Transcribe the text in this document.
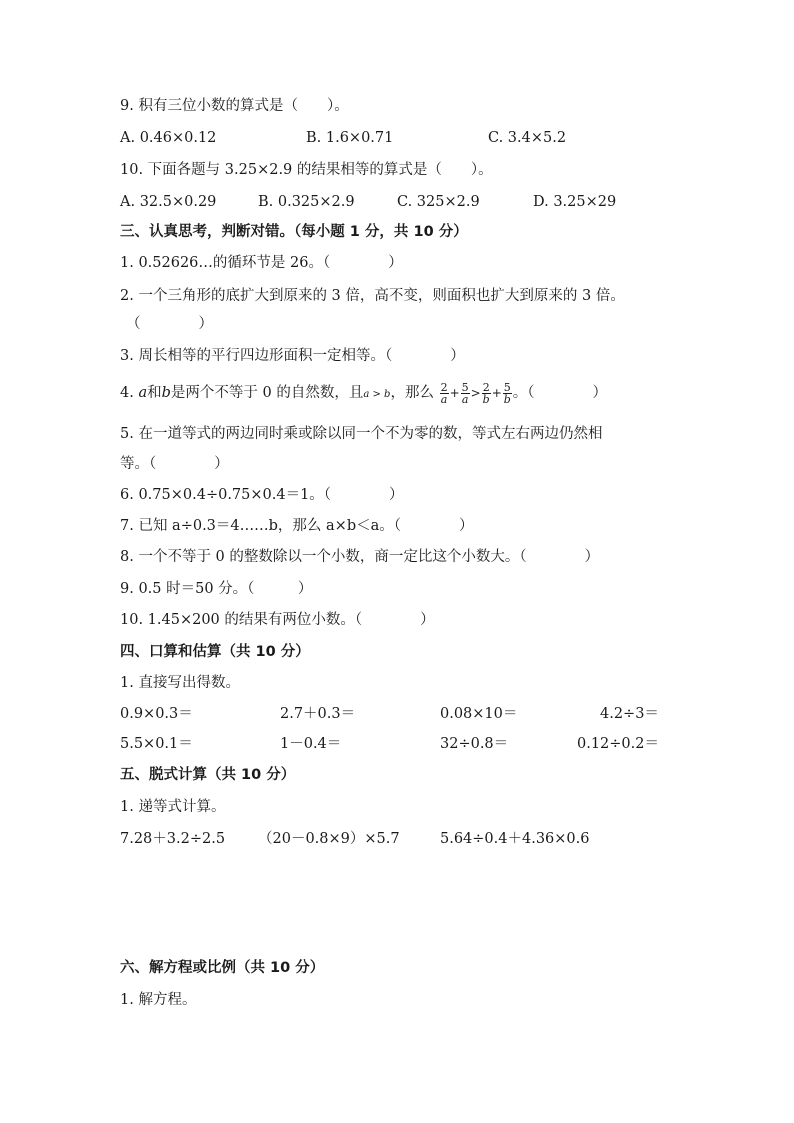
9. 积有三位小数的算式是（　　）。
A. 0.46×0.12	B. 1.6×0.71	C. 3.4×5.2
10. 下面各题与 3.25×2.9 的结果相等的算式是（　　）。
A. 32.5×0.29	B. 0.325×2.9	C. 325×2.9	D. 3.25×29
三、认真思考，判断对错。（每小题 1 分，共 10 分）
1. 0.52626…的循环节是 26。（　　　　）
2. 一个三角形的底扩大到原来的 3 倍，高不变，则面积也扩大到原来的 3 倍。
（　　　　）
3. 周长相等的平行四边形面积一定相等。（　　　　）
4. a和b是两个不等于 0 的自然数，且a > b，那么 $\frac{2}{a} + \frac{5}{a} > \frac{2}{b} + \frac{5}{b}$ 。（　　　　）
5. 在一道等式的两边同时乘或除以同一个不为零的数，等式左右两边仍然相
等。（　　　　）
6. 0.75×0.4÷0.75×0.4＝1。（　　　　）
7. 已知 a÷0.3＝4……b，那么 a×b＜a。（　　　　）
8. 一个不等于 0 的整数除以一个小数，商一定比这个小数大。（　　　　）
9. 0.5 时＝50 分。（　　　）
10. 1.45×200 的结果有两位小数。（　　　　）
四、口算和估算（共 10 分）
1. 直接写出得数。
0.9×0.3＝	2.7＋0.3＝	0.08×10＝	4.2÷3＝
5.5×0.1＝	1－0.4＝	32÷0.8＝	0.12÷0.2＝
五、脱式计算（共 10 分）
1. 递等式计算。
7.28＋3.2÷2.5 （20－0.8×9）×5.7	5.64÷0.4＋4.36×0.6
六、解方程或比例（共 10 分）
1. 解方程。
